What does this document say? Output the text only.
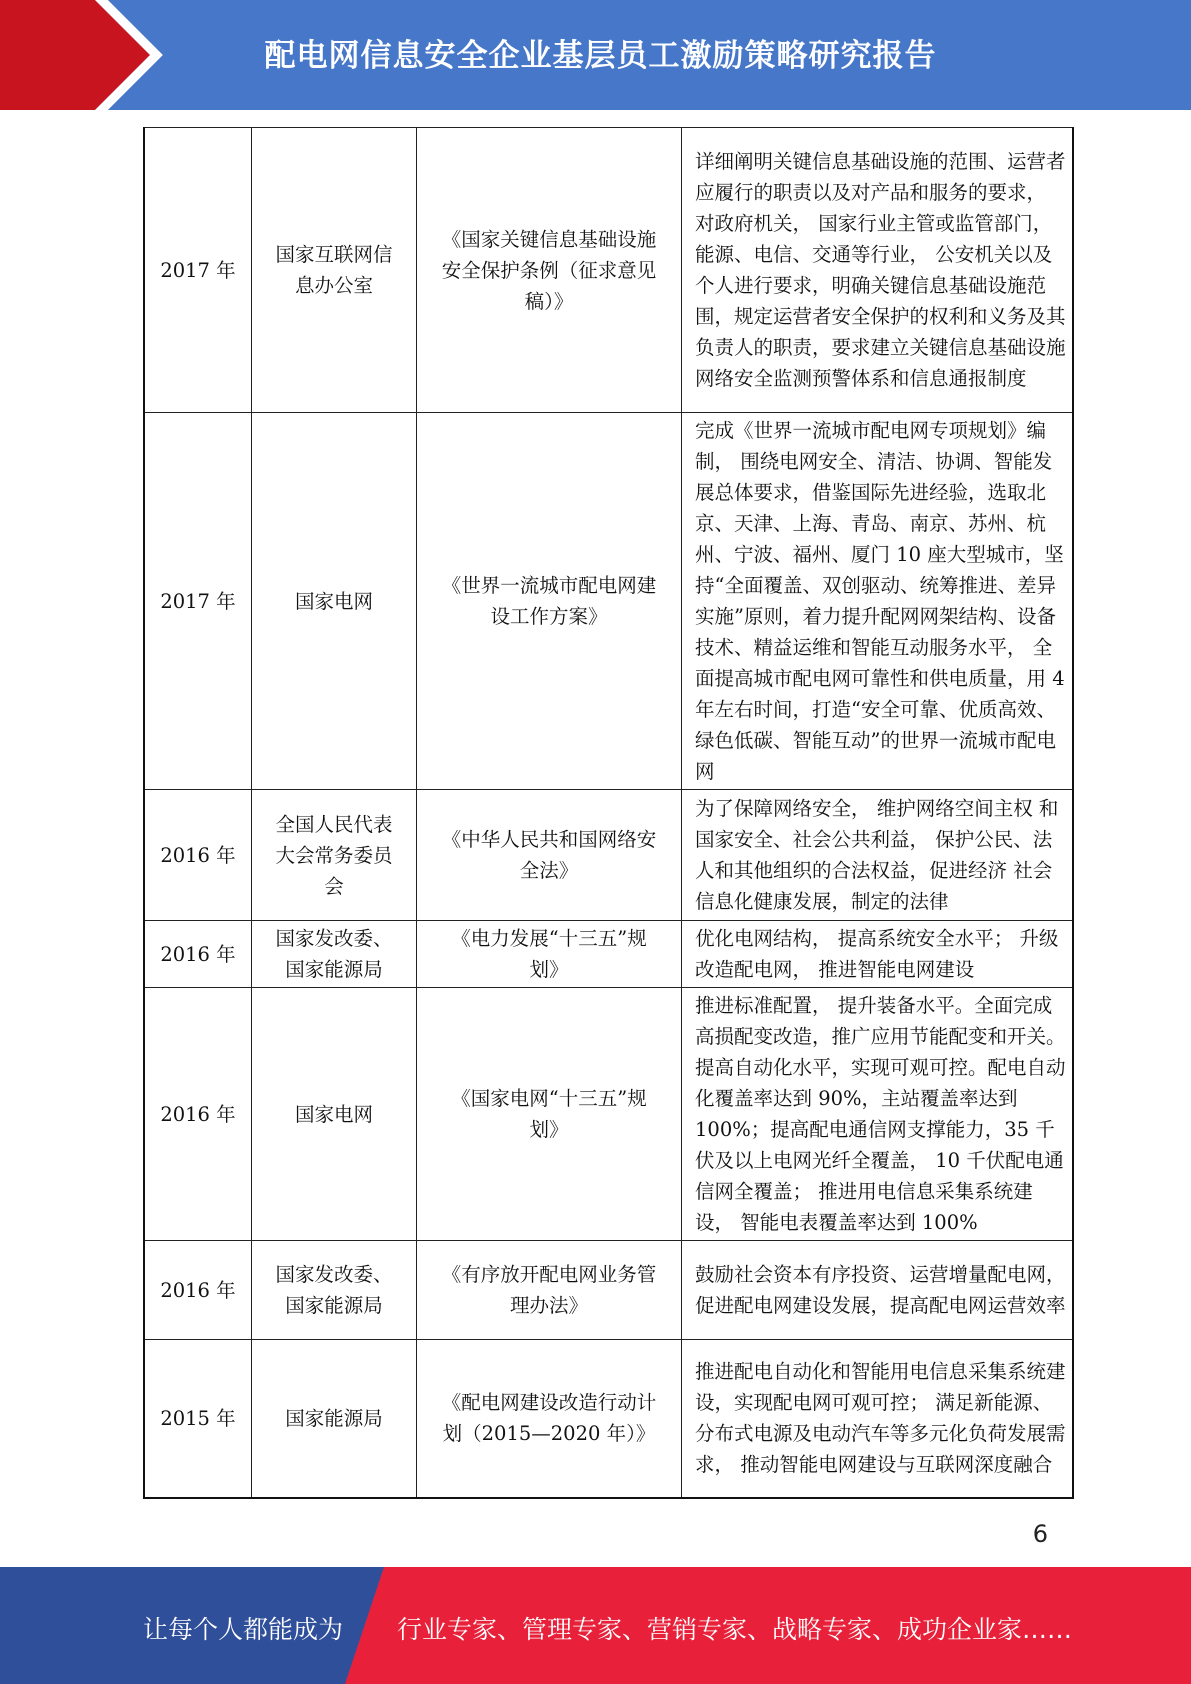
配电网信息安全企业基层员工激励策略研究报告
2017 年	国家互联网信息办公室	《国家关键信息基础设施安全保护条例（征求意见稿）》	详细阐明关键信息基础设施的范围、运营者应履行的职责以及对产品和服务的要求， 对政府机关， 国家行业主管或监管部门，能源、电信、交通等行业， 公安机关以及个人进行要求，明确关键信息基础设施范围，规定运营者安全保护的权利和义务及其负责人的职责，要求建立关键信息基础设施网络安全监测预警体系和信息通报制度

2017 年	国家电网	《世界一流城市配电网建设工作方案》	完成《世界一流城市配电网专项规划》编制， 围绕电网安全、清洁、协调、智能发展总体要求，借鉴国际先进经验，选取北京、天津、上海、青岛、南京、苏州、杭州、宁波、福州、厦门 10 座大型城市，坚持“全面覆盖、双创驱动、统筹推进、差异实施”原则，着力提升配网网架结构、设备技术、精益运维和智能互动服务水平， 全面提高城市配电网可靠性和供电质量，用 4 年左右时间，打造“安全可靠、优质高效、绿色低碳、智能互动”的世界一流城市配电网

2016 年	全国人民代表大会常务委员会	《中华人民共和国网络安全法》	为了保障网络安全， 维护网络空间主权 和国家安全、社会公共利益， 保护公民、法人和其他组织的合法权益，促进经济 社会信息化健康发展，制定的法律

2016 年	国家发改委、国家能源局	《电力发展“十三五”规划》	优化电网结构， 提高系统安全水平； 升级改造配电网， 推进智能电网建设

2016 年	国家电网	《国家电网“十三五”规划》	推进标准配置， 提升装备水平。全面完成高损配变改造，推广应用节能配变和开关。提高自动化水平，实现可观可控。配电自动化覆盖率达到 90%，主站覆盖率达到 100%；提高配电通信网支撑能力，35 千伏及以上电网光纤全覆盖， 10 千伏配电通信网全覆盖； 推进用电信息采集系统建设， 智能电表覆盖率达到 100%

2016 年	国家发改委、国家能源局	《有序放开配电网业务管理办法》	鼓励社会资本有序投资、运营增量配电网，促进配电网建设发展，提高配电网运营效率

2015 年	国家能源局	《配电网建设改造行动计划（2015—2020 年）》	推进配电自动化和智能用电信息采集系统建设，实现配电网可观可控； 满足新能源、分布式电源及电动汽车等多元化负荷发展需求， 推动智能电网建设与互联网深度融合
6
让每个人都能成为 行业专家、管理专家、营销专家、战略专家、成功企业家……
